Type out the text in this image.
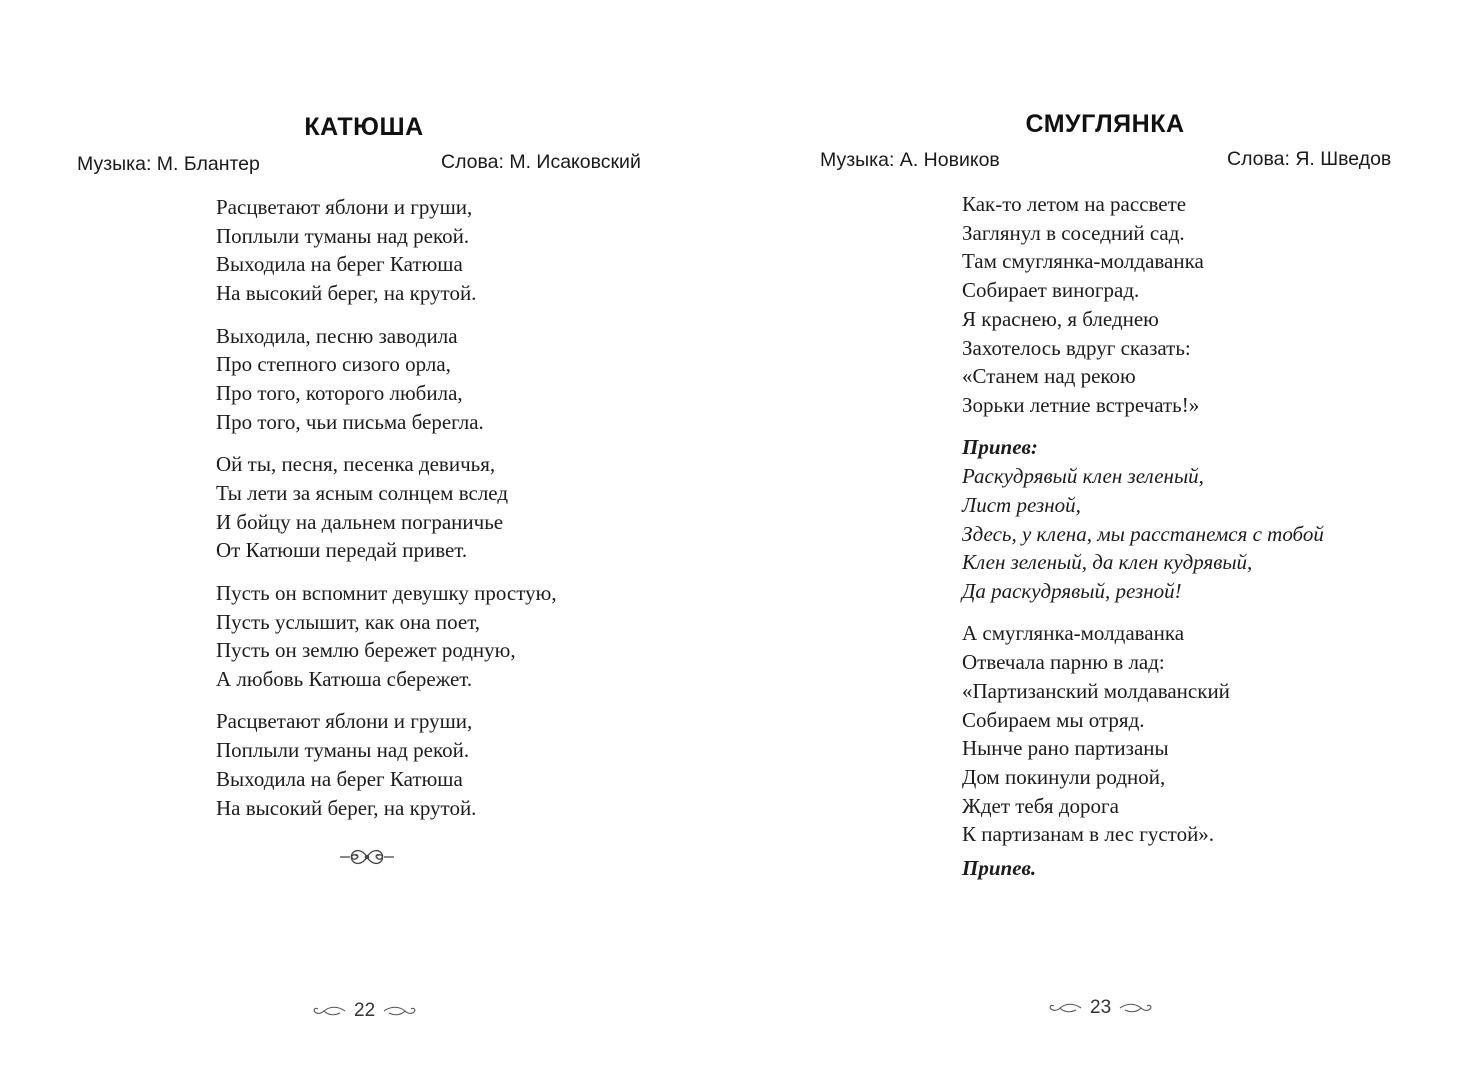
КАТЮША

Музыка: М. Блантер	Слова: М. Исаковский

Расцветают яблони и груши,
Поплыли туманы над рекой.
Выходила на берег Катюша
На высокий берег, на крутой.
Выходила, песню заводила
Про степного сизого орла,
Про того, которого любила,
Про того, чьи письма берегла.
Ой ты, песня, песенка девичья,
Ты лети за ясным солнцем вслед
И бойцу на дальнем пограничье
От Катюши передай привет.
Пусть он вспомнит девушку простую,
Пусть услышит, как она поет,
Пусть он землю бережет родную,
А любовь Катюша сбережет.
Расцветают яблони и груши,
Поплыли туманы над рекой.
Выходила на берег Катюша
На высокий берег, на крутой.
22
СМУГЛЯНКА

Музыка: А. Новиков	Слова: Я. Шведов

Как-то летом на рассвете
Заглянул в соседний сад.
Там смуглянка-молдаванка
Собирает виноград.
Я краснею, я бледнею
Захотелось вдруг сказать:
«Станем над рекою
Зорьки летние встречать!»
Припев:
Раскудрявый клен зеленый,
Лист резной,
Здесь, у клена, мы расстанемся с тобой
Клен зеленый, да клен кудрявый,
Да раскудрявый, резной!
А смуглянка-молдаванка
Отвечала парню в лад:
«Партизанский молдаванский
Собираем мы отряд.
Нынче рано партизаны
Дом покинули родной,
Ждет тебя дорога
К партизанам в лес густой».
Припев.
23
